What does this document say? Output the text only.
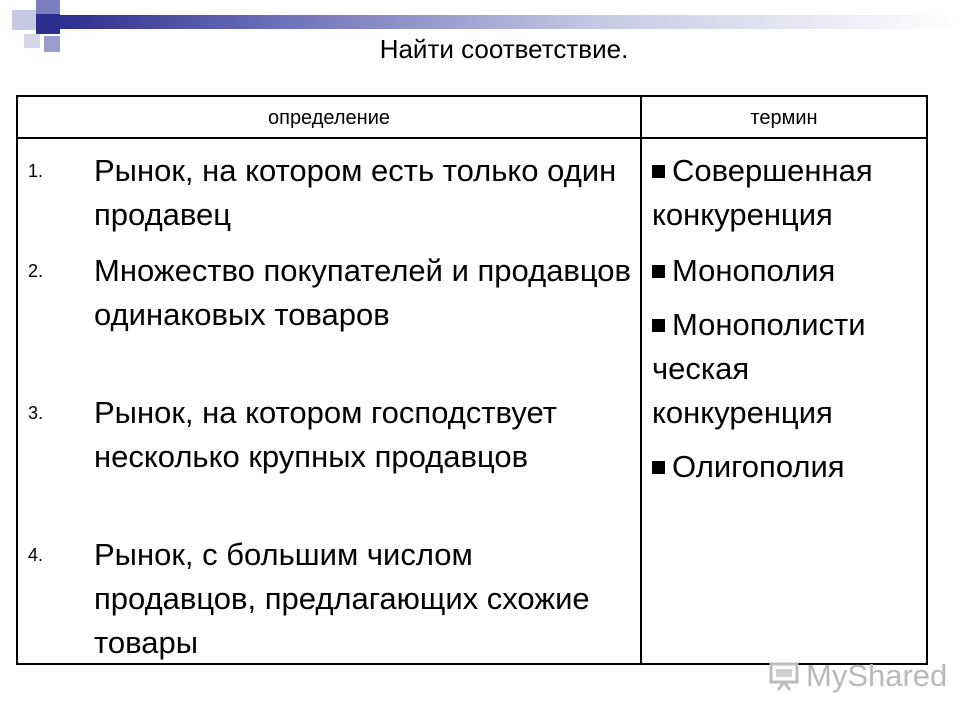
Найти соответствие.
определение	термин
1. Рынок, на котором есть только один продавец
2. Множество покупателей и продавцов одинаковых товаров
3. Рынок, на котором господствует несколько крупных продавцов
4. Рынок, с большим числом продавцов, предлагающих схожие товары
Совершенная конкуренция
Монополия
Монополисти ческая конкуренция
Олигополия
MyShared
